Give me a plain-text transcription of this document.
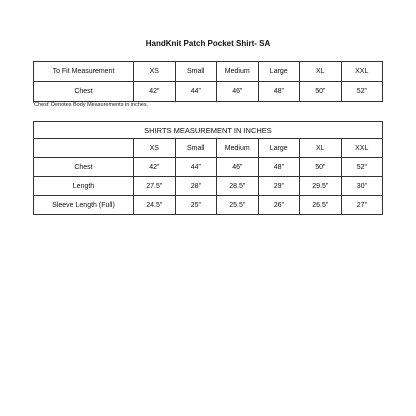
HandKnit Patch Pocket Shirt- SA
To Fit Measurement	XS	Small	Medium	Large	XL	XXL
Chest	42”	44”	46”	48”	50”	52”
'Chest' Denotes Body Measurements in inches.
SHIRTS MEASUREMENT IN INCHES						
	XS	Small	Medium	Large	XL	XXL
Chest	42”	44”	46”	48”	50”	52”
Length	27.5”	28”	28.5”	29”	29.5”	30”
Sleeve Length (Full)	24.5”	25”	25.5”	26”	26.5”	27”
